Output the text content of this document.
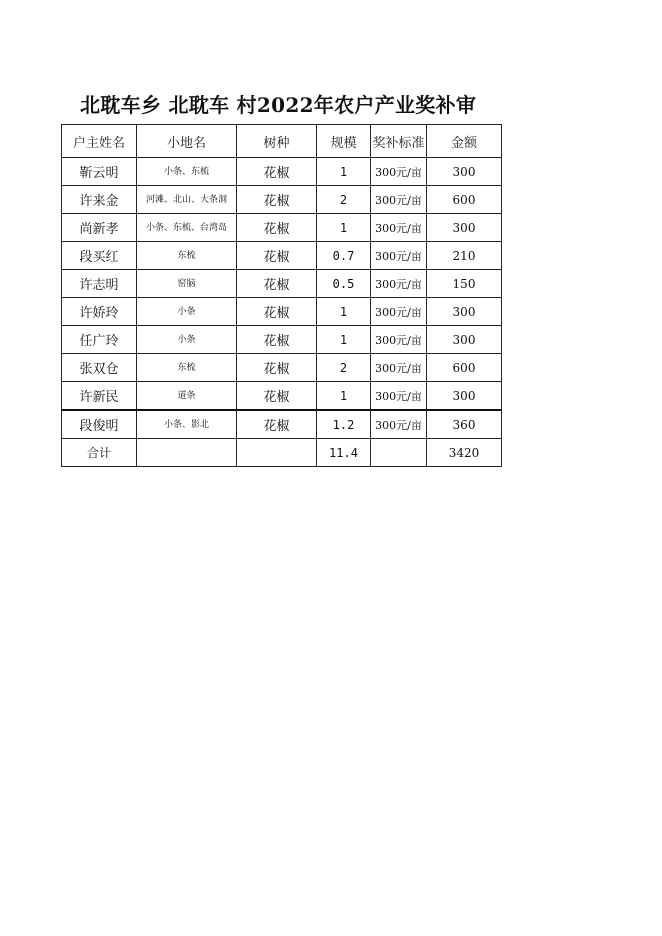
北耽车乡 北耽车 村2022年农户产业奖补审
户主姓名	小地名	树种	规模	奖补标准	金额
靳云明	小条、东梳	花椒	1	300元/亩	300
许来金	河滩、北山、大条洞	花椒	2	300元/亩	600
尚新孝	小条、东梳、台湾岛	花椒	1	300元/亩	300
段买红	东梳	花椒	0.7	300元/亩	210
许志明	窑脑	花椒	0.5	300元/亩	150
许娇玲	小条	花椒	1	300元/亩	300
任广玲	小条	花椒	1	300元/亩	300
张双仓	东梳	花椒	2	300元/亩	600
许新民	道条	花椒	1	300元/亩	300
段俊明	小条、影北	花椒	1.2	300元/亩	360
合计			11.4		3420
